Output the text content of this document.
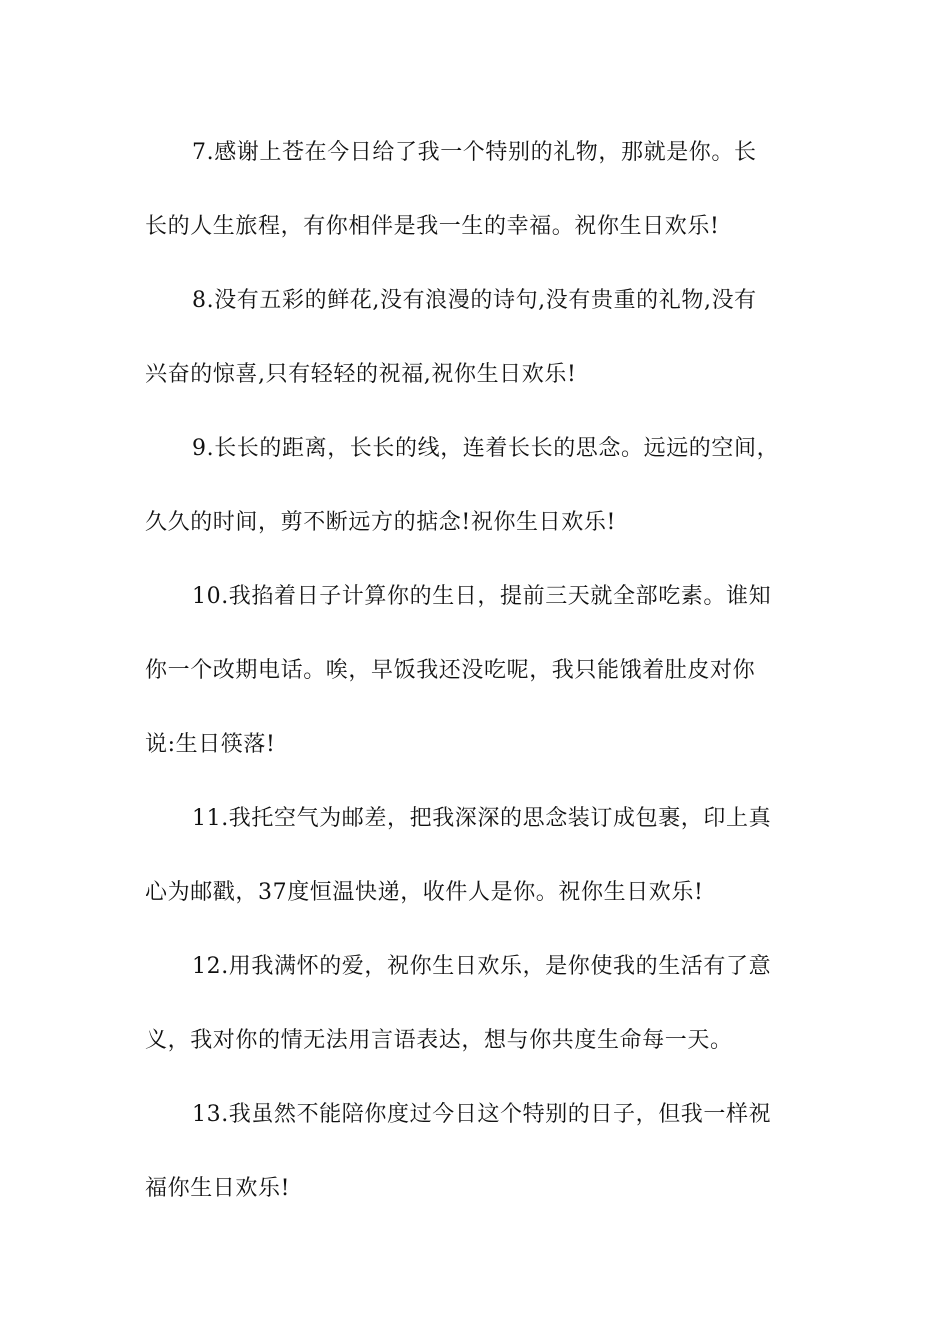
7.感谢上苍在今日给了我一个特别的礼物，那就是你。长
长的人生旅程，有你相伴是我一生的幸福。祝你生日欢乐!
8.没有五彩的鲜花,没有浪漫的诗句,没有贵重的礼物,没有
兴奋的惊喜,只有轻轻的祝福,祝你生日欢乐!
9.长长的距离，长长的线，连着长长的思念。远远的空间，
久久的时间，剪不断远方的掂念!祝你生日欢乐!
10.我掐着日子计算你的生日，提前三天就全部吃素。谁知
你一个改期电话。唉，早饭我还没吃呢，我只能饿着肚皮对你
说:生日筷落!
11.我托空气为邮差，把我深深的思念装订成包裹，印上真
心为邮戳，37度恒温快递，收件人是你。祝你生日欢乐!
12.用我满怀的爱，祝你生日欢乐，是你使我的生活有了意
义，我对你的情无法用言语表达，想与你共度生命每一天。
13.我虽然不能陪你度过今日这个特别的日子，但我一样祝
福你生日欢乐!
